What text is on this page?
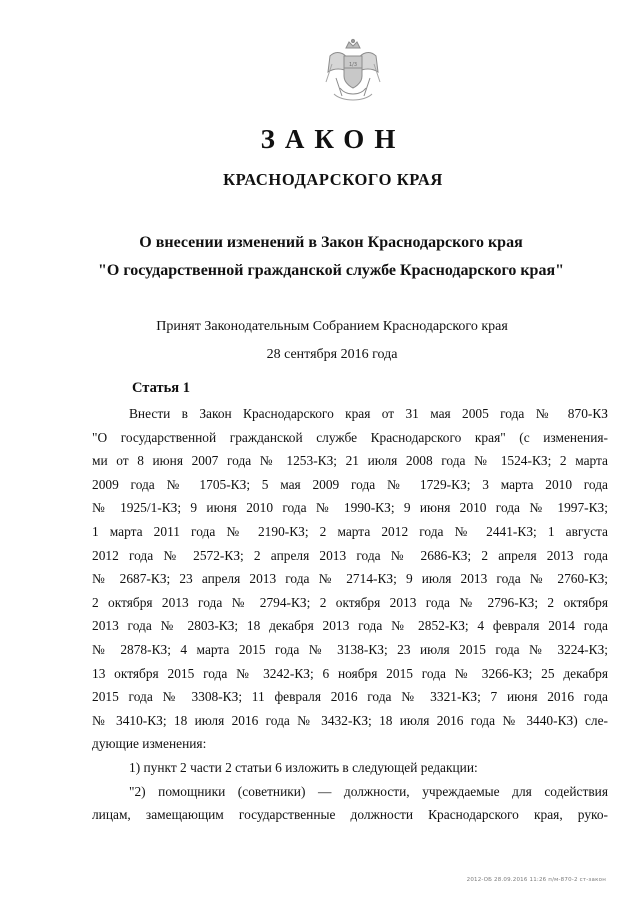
1/3
ЗАКОН
КРАСНОДАРСКОГО КРАЯ
О внесении изменений в Закон Краснодарского края
"О государственной гражданской службе Краснодарского края"
Принят Законодательным Собранием Краснодарского края
28 сентября 2016 года
Статья 1
Внести в Закон Краснодарского края от 31 мая 2005 года № 870-КЗ
"О государственной гражданской службе Краснодарского края" (с изменения-
ми от 8 июня 2007 года № 1253-КЗ; 21 июля 2008 года № 1524-КЗ; 2 марта
2009 года № 1705-КЗ; 5 мая 2009 года № 1729-КЗ; 3 марта 2010 года
№ 1925/1-КЗ; 9 июня 2010 года № 1990-КЗ; 9 июня 2010 года № 1997-КЗ;
1 марта 2011 года № 2190-КЗ; 2 марта 2012 года № 2441-КЗ; 1 августа
2012 года № 2572-КЗ; 2 апреля 2013 года № 2686-КЗ; 2 апреля 2013 года
№ 2687-КЗ; 23 апреля 2013 года № 2714-КЗ; 9 июля 2013 года № 2760-КЗ;
2 октября 2013 года № 2794-КЗ; 2 октября 2013 года № 2796-КЗ; 2 октября
2013 года № 2803-КЗ; 18 декабря 2013 года № 2852-КЗ; 4 февраля 2014 года
№ 2878-КЗ; 4 марта 2015 года № 3138-КЗ; 23 июля 2015 года № 3224-КЗ;
13 октября 2015 года № 3242-КЗ; 6 ноября 2015 года № 3266-КЗ; 25 декабря
2015 года № 3308-КЗ; 11 февраля 2016 года № 3321-КЗ; 7 июня 2016 года
№ 3410-КЗ; 18 июля 2016 года № 3432-КЗ; 18 июля 2016 года № 3440-КЗ) сле-
дующие изменения:
1) пункт 2 части 2 статьи 6 изложить в следующей редакции:
"2) помощники (советники) — должности, учреждаемые для содействия
лицам, замещающим государственные должности Краснодарского края, руко-
2012-ОБ 28.09.2016 11:26 п/м-870-2 ст-закон
